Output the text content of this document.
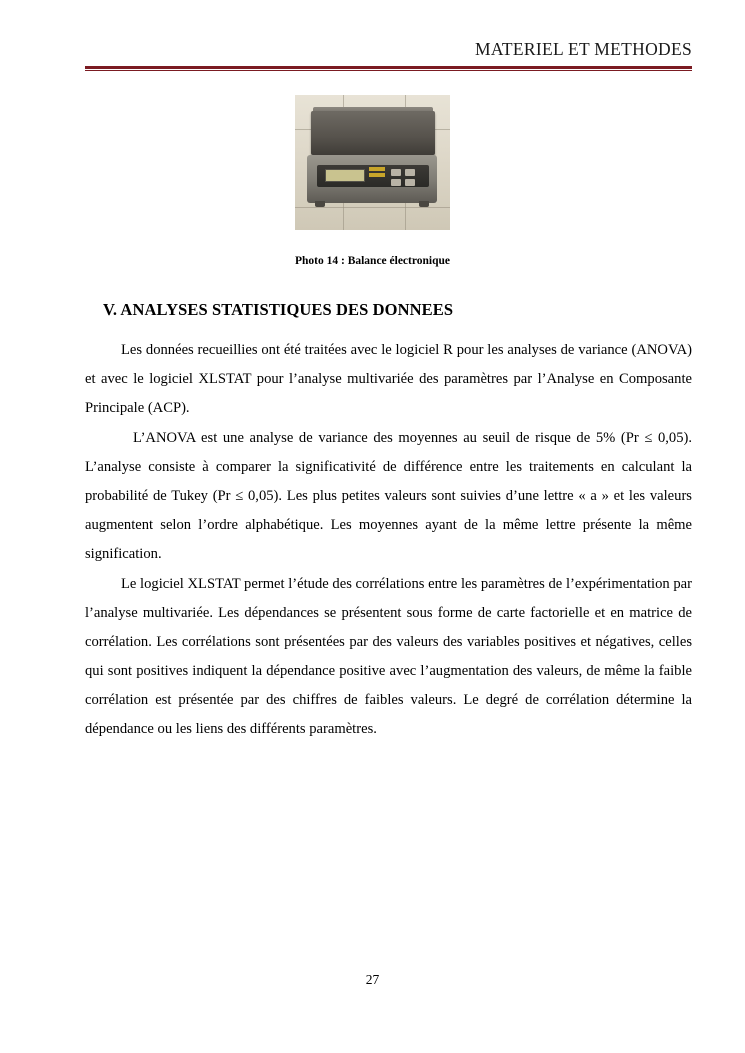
MATERIEL ET METHODES
Photo 14 : Balance électronique
V. ANALYSES STATISTIQUES DES DONNEES

Les données recueillies ont été traitées avec le logiciel R pour les analyses de variance (ANOVA) et avec le logiciel XLSTAT pour l’analyse multivariée des paramètres par l’Analyse en Composante Principale (ACP).

L’ANOVA est une analyse de variance des moyennes au seuil de risque de 5% (Pr ≤ 0,05). L’analyse consiste à comparer la significativité de différence entre les traitements en calculant la probabilité de Tukey (Pr ≤ 0,05). Les plus petites valeurs sont suivies d’une lettre « a » et les valeurs augmentent selon l’ordre alphabétique. Les moyennes ayant de la même lettre présente la même signification.

Le logiciel XLSTAT permet l’étude des corrélations entre les paramètres de l’expérimentation par l’analyse multivariée. Les dépendances se présentent sous forme de carte factorielle et en matrice de corrélation. Les corrélations sont présentées par des valeurs des variables positives et négatives, celles qui sont positives indiquent la dépendance positive avec l’augmentation des valeurs, de même la faible corrélation est présentée par des chiffres de faibles valeurs. Le degré de corrélation détermine la dépendance ou les liens des différents paramètres.

27
